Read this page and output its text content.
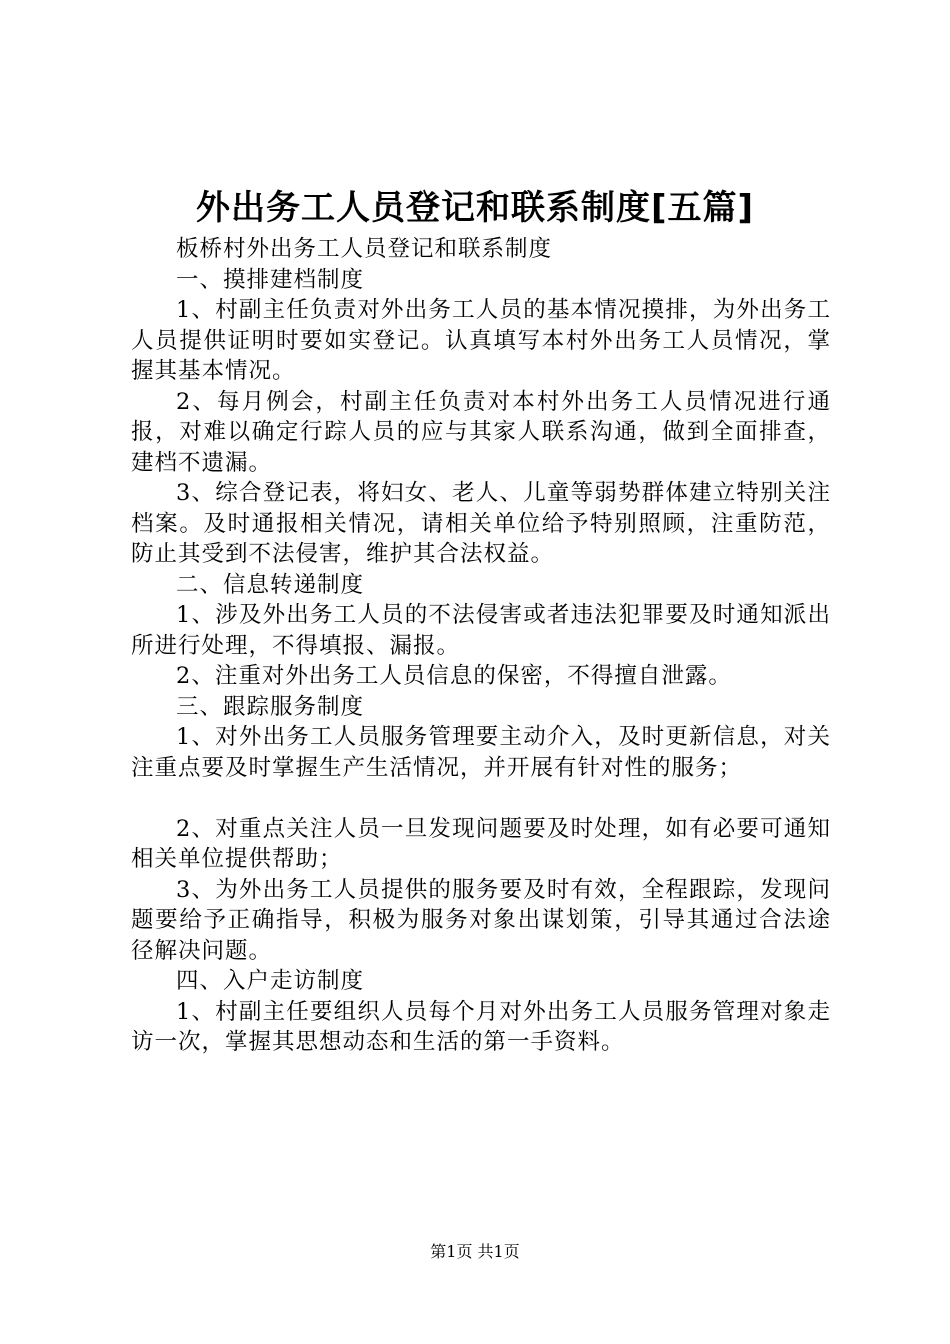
外出务工人员登记和联系制度[五篇]

板桥村外出务工人员登记和联系制度

一、摸排建档制度

1、村副主任负责对外出务工人员的基本情况摸排，为外出务工人员提供证明时要如实登记。认真填写本村外出务工人员情况，掌握其基本情况。

2、每月例会，村副主任负责对本村外出务工人员情况进行通报，对难以确定行踪人员的应与其家人联系沟通，做到全面排查，建档不遗漏。

3、综合登记表，将妇女、老人、儿童等弱势群体建立特别关注档案。及时通报相关情况，请相关单位给予特别照顾，注重防范，防止其受到不法侵害，维护其合法权益。

二、信息转递制度

1、涉及外出务工人员的不法侵害或者违法犯罪要及时通知派出所进行处理，不得填报、漏报。

2、注重对外出务工人员信息的保密，不得擅自泄露。

三、跟踪服务制度

1、对外出务工人员服务管理要主动介入，及时更新信息，对关注重点要及时掌握生产生活情况，并开展有针对性的服务；

2、对重点关注人员一旦发现问题要及时处理，如有必要可通知相关单位提供帮助；

3、为外出务工人员提供的服务要及时有效，全程跟踪，发现问题要给予正确指导，积极为服务对象出谋划策，引导其通过合法途径解决问题。

四、入户走访制度

1、村副主任要组织人员每个月对外出务工人员服务管理对象走访一次，掌握其思想动态和生活的第一手资料。

第1页 共1页
